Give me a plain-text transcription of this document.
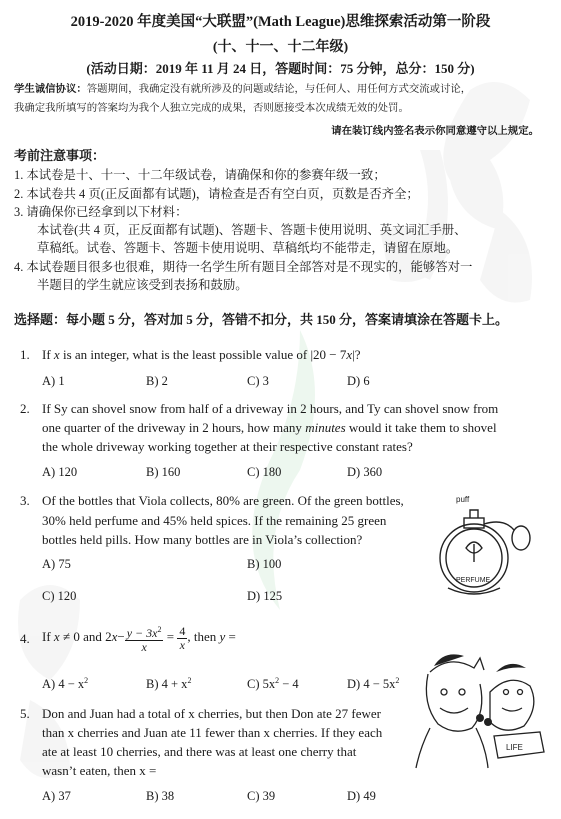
2019-2020 年度美国“大联盟”(Math League)思维探索活动第一阶段
(十、十一、十二年级)
(活动日期：2019 年 11 月 24 日，答题时间：75 分钟，总分：150 分)
学生诚信协议：答题期间，我确定没有就所涉及的问题或结论，与任何人、用任何方式交流或讨论，
我确定我所填写的答案均为我个人独立完成的成果，否则愿接受本次成绩无效的处罚。
请在装订线内签名表示你同意遵守以上规定。
考前注意事项：
1. 本试卷是十、十一、十二年级试卷，请确保和你的参赛年级一致；
2. 本试卷共 4 页(正反面都有试题)，请检查是否有空白页，页数是否齐全；
3. 请确保你已经拿到以下材料：
本试卷(共 4 页，正反面都有试题)、答题卡、答题卡使用说明、英文词汇手册、
草稿纸。试卷、答题卡、答题卡使用说明、草稿纸均不能带走，请留在原地。
4. 本试卷题目很多也很难，期待一名学生所有题目全部答对是不现实的，能够答对一
半题目的学生就应该受到表扬和鼓励。
选择题：每小题 5 分，答对加 5 分，答错不扣分，共 150 分，答案请填涂在答题卡上。
1. If x is an integer, what is the least possible value of |20 − 7x|?
A) 1	B) 2	C) 3	D) 6
2. If Sy can shovel snow from half of a driveway in 2 hours, and Ty can shovel snow from
one quarter of the driveway in 2 hours, how many minutes would it take them to shovel
the whole driveway working together at their respective constant rates?
A) 120	B) 160	C) 180	D) 360
3. Of the bottles that Viola collects, 80% are green. Of the green bottles,
30% held perfume and 45% held spices. If the remaining 25 green
bottles held pills. How many bottles are in Viola’s collection?
A) 75	B) 100
C) 120	D) 125
puff
PERFUME
4. If x ≠ 0 and $2x- \frac{y - 3x^2}{x} = \frac{4}{x}$ , then y =
A) $4 - x^2$	B) $4 + x^2$	C) $5x^2 - 4$	D) $4 - 5x^2$
5. Don and Juan had a total of x cherries, but then Don ate 27 fewer
than x cherries and Juan ate 11 fewer than x cherries. If they each
ate at least 10 cherries, and there was at least one cherry that
wasn’t eaten, then x =
A) 37	B) 38	C) 39	D) 49
LIFE
